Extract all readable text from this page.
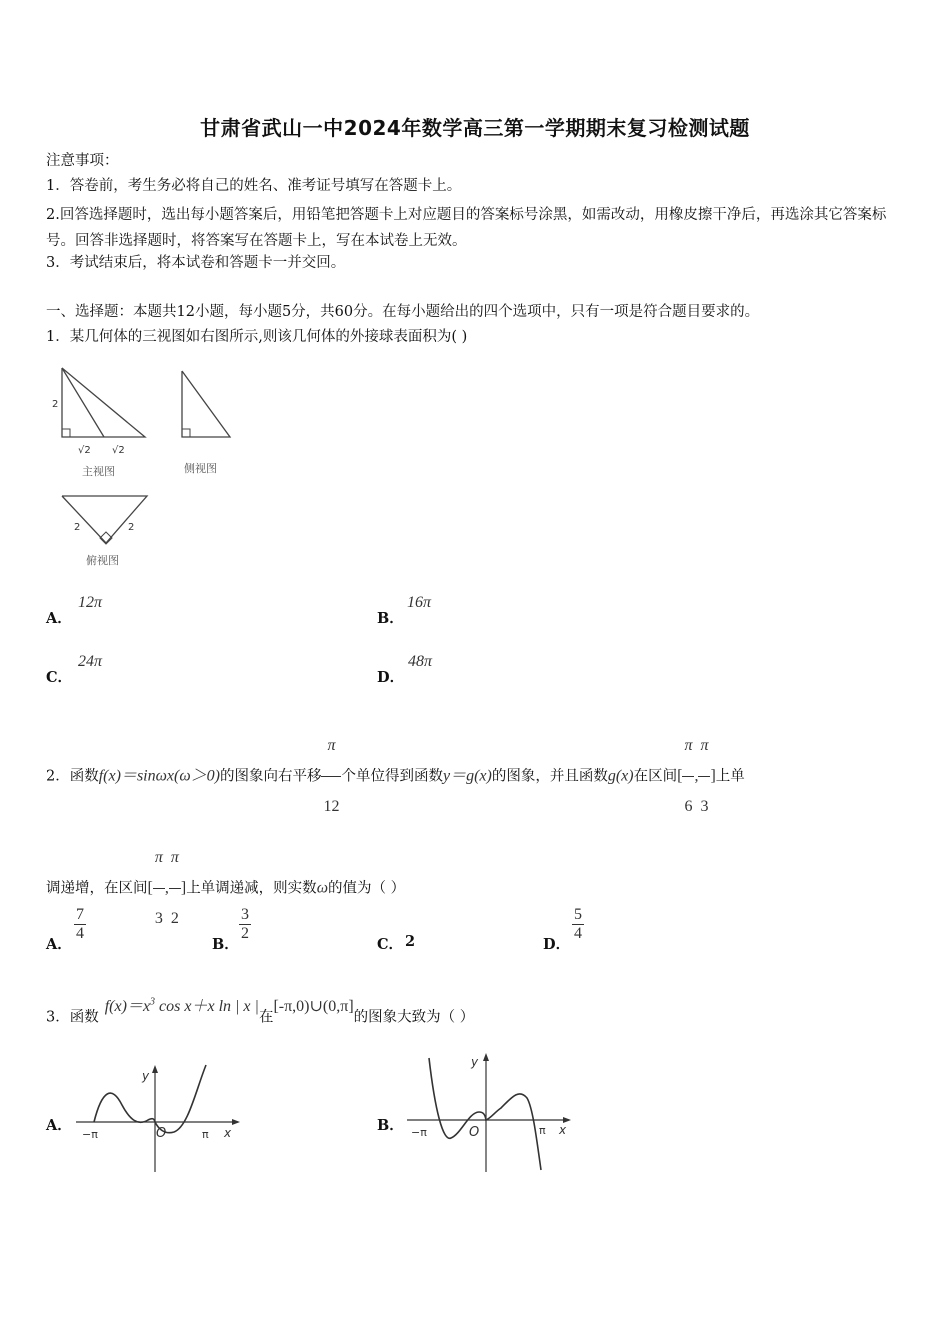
甘肃省武山一中2024年数学高三第一学期期末复习检测试题
注意事项：
1．答卷前，考生务必将自己的姓名、准考证号填写在答题卡上。
2.回答选择题时，选出每小题答案后，用铅笔把答题卡上对应题目的答案标号涂黑，如需改动，用橡皮擦干净后，再选涂其它答案标号。回答非选择题时，将答案写在答题卡上，写在本试卷上无效。
3．考试结束后，将本试卷和答题卡一并交回。
一、选择题：本题共12小题，每小题5分，共60分。在每小题给出的四个选项中，只有一项是符合题目要求的。
1．某几何体的三视图如右图所示,则该几何体的外接球表面积为( )
2
√2 √2
主视图	侧视图
2	2
俯视图
A．
12π
B．
16π
C．
24π
D．
48π
2．函数f(x)＝sinωx(ω＞0)的图象向右平移 $\frac{\pi}{12}$ 个单位得到函数y＝g(x)的图象，并且函数g(x)在区间[ $\frac{\pi}{6}$ , $\frac{\pi}{3}$ ]上单
调递增，在区间[ $\frac{\pi}{3}$ , $\frac{\pi}{2}$ ]上单调递减，则实数ω的值为（ ）
A．
$\frac{7}{4}$
B．
$\frac{3}{2}$
C． 2	D．
$\frac{5}{4}$
3．函数$f(x)=x^3$ cos x＋x ln | x |在[-π,0)∪(0,π]的图象大致为（ ）
A．
y
x
O
−π	π
B．
y
x
O
−π	π
